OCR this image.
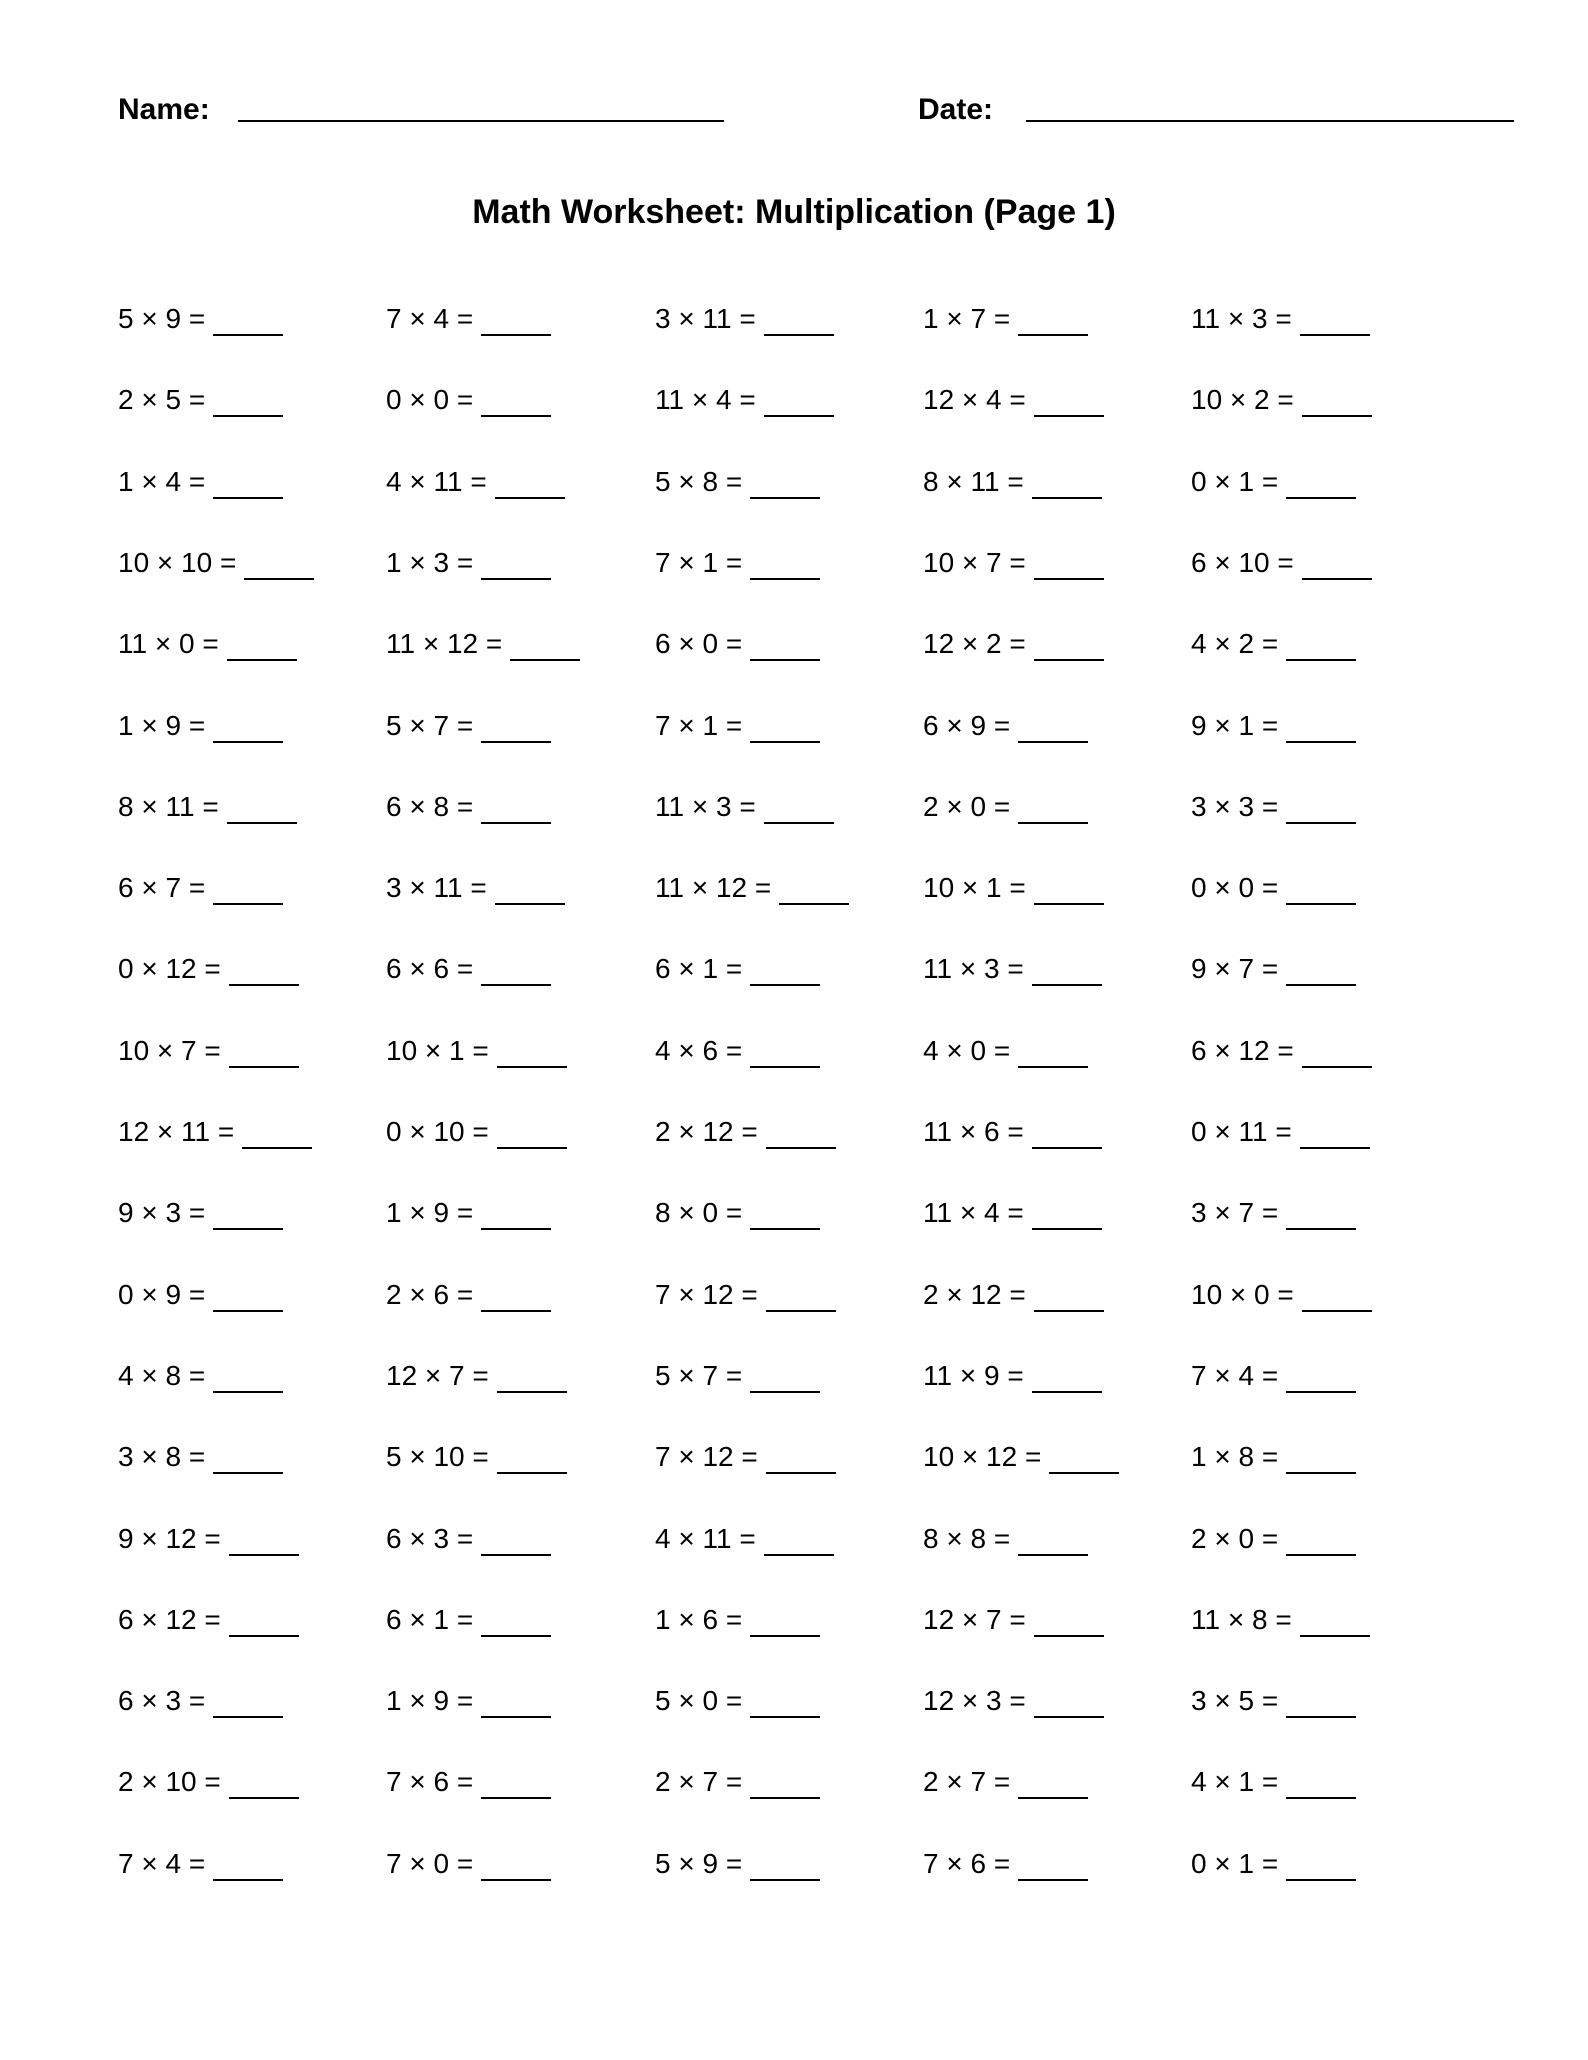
Name:	Date:
Math Worksheet: Multiplication (Page 1)
5 × 9 =
2 × 5 =
1 × 4 =
10 × 10 =
11 × 0 =
1 × 9 =
8 × 11 =
6 × 7 =
0 × 12 =
10 × 7 =
12 × 11 =
9 × 3 =
0 × 9 =
4 × 8 =
3 × 8 =
9 × 12 =
6 × 12 =
6 × 3 =
2 × 10 =
7 × 4 =
7 × 4 =
0 × 0 =
4 × 11 =
1 × 3 =
11 × 12 =
5 × 7 =
6 × 8 =
3 × 11 =
6 × 6 =
10 × 1 =
0 × 10 =
1 × 9 =
2 × 6 =
12 × 7 =
5 × 10 =
6 × 3 =
6 × 1 =
1 × 9 =
7 × 6 =
7 × 0 =
3 × 11 =
11 × 4 =
5 × 8 =
7 × 1 =
6 × 0 =
7 × 1 =
11 × 3 =
11 × 12 =
6 × 1 =
4 × 6 =
2 × 12 =
8 × 0 =
7 × 12 =
5 × 7 =
7 × 12 =
4 × 11 =
1 × 6 =
5 × 0 =
2 × 7 =
5 × 9 =
1 × 7 =
12 × 4 =
8 × 11 =
10 × 7 =
12 × 2 =
6 × 9 =
2 × 0 =
10 × 1 =
11 × 3 =
4 × 0 =
11 × 6 =
11 × 4 =
2 × 12 =
11 × 9 =
10 × 12 =
8 × 8 =
12 × 7 =
12 × 3 =
2 × 7 =
7 × 6 =
11 × 3 =
10 × 2 =
0 × 1 =
6 × 10 =
4 × 2 =
9 × 1 =
3 × 3 =
0 × 0 =
9 × 7 =
6 × 12 =
0 × 11 =
3 × 7 =
10 × 0 =
7 × 4 =
1 × 8 =
2 × 0 =
11 × 8 =
3 × 5 =
4 × 1 =
0 × 1 =
